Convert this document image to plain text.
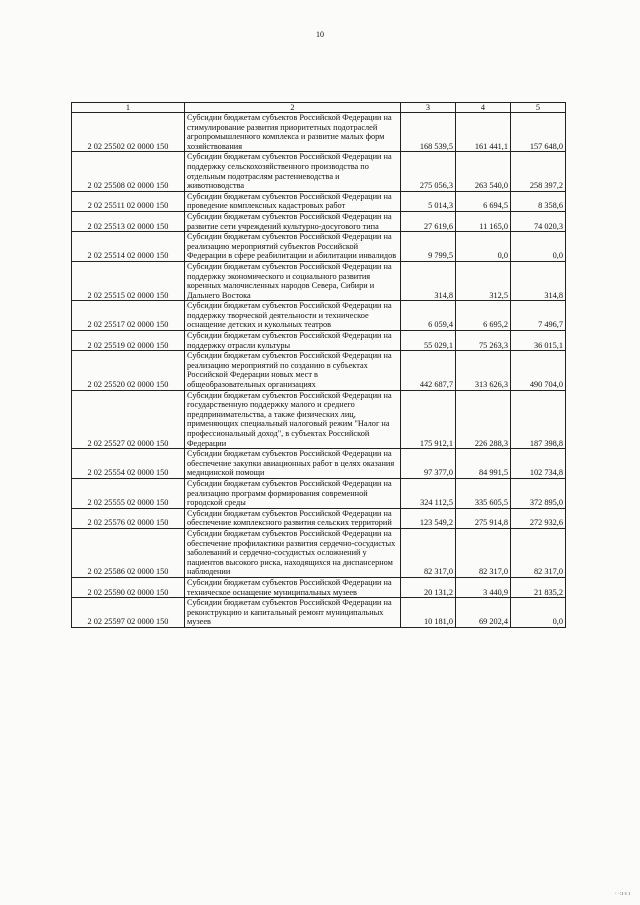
10
1	2	3	4	5
2 02 25502 02 0000 150	Субсидии бюджетам субъектов Российской Федерации на стимулирование развития приоритетных подотраслей агропромышленного комплекса и развитие малых форм хозяйствования	168 539,5	161 441,1	157 648,0
2 02 25508 02 0000 150	Субсидии бюджетам субъектов Российской Федерации на поддержку сельскохозяйственного производства по отдельным подотраслям растениеводства и животноводства	275 056,3	263 540,0	258 397,2
2 02 25511 02 0000 150	Субсидии бюджетам субъектов Российской Федерации на проведение комплексных кадастровых работ	5 014,3	6 694,5	8 358,6
2 02 25513 02 0000 150	Субсидии бюджетам субъектов Российской Федерации на развитие сети учреждений культурно-досугового типа	27 619,6	11 165,0	74 020,3
2 02 25514 02 0000 150	Субсидии бюджетам субъектов Российской Федерации на реализацию мероприятий субъектов Российской Федерации в сфере реабилитации и абилитации инвалидов	9 799,5	0,0	0,0
2 02 25515 02 0000 150	Субсидии бюджетам субъектов Российской Федерации на поддержку экономического и социального развития коренных малочисленных народов Севера, Сибири и Дальнего Востока	314,8	312,5	314,8
2 02 25517 02 0000 150	Субсидии бюджетам субъектов Российской Федерации на поддержку творческой деятельности и техническое оснащение детских и кукольных театров	6 059,4	6 695,2	7 496,7
2 02 25519 02 0000 150	Субсидии бюджетам субъектов Российской Федерации на поддержку отрасли культуры	55 029,1	75 263,3	36 015,1
2 02 25520 02 0000 150	Субсидии бюджетам субъектов Российской Федерации на реализацию мероприятий по созданию в субъектах Российской Федерации новых мест в общеобразовательных организациях	442 687,7	313 626,3	490 704,0
2 02 25527 02 0000 150	Субсидии бюджетам субъектов Российской Федерации на государственную поддержку малого и среднего предпринимательства, а также физических лиц, применяющих специальный налоговый режим "Налог на профессиональный доход", в субъектах Российской Федерации	175 912,1	226 288,3	187 398,8
2 02 25554 02 0000 150	Субсидии бюджетам субъектов Российской Федерации на обеспечение закупки авиационных работ в целях оказания медицинской помощи	97 377,0	84 991,5	102 734,8
2 02 25555 02 0000 150	Субсидии бюджетам субъектов Российской Федерации на реализацию программ формирования современной городской среды	324 112,5	335 605,5	372 895,0
2 02 25576 02 0000 150	Субсидии бюджетам субъектов Российской Федерации на обеспечение комплексного развития сельских территорий	123 549,2	275 914,8	272 932,6
2 02 25586 02 0000 150	Субсидии бюджетам субъектов Российской Федерации на обеспечение профилактики развития сердечно-сосудистых заболеваний и сердечно-сосудистых осложнений у пациентов высокого риска, находящихся на диспансерном наблюдении	82 317,0	82 317,0	82 317,0
2 02 25590 02 0000 150	Субсидии бюджетам субъектов Российской Федерации на техническое оснащение муниципальных музеев	20 131,2	3 440,9	21 835,2
2 02 25597 02 0000 150	Субсидии бюджетам субъектов Российской Федерации на реконструкцию и капитальный ремонт муниципальных музеев	10 181,0	69 202,4	0,0
· ·:ı·ı ı
